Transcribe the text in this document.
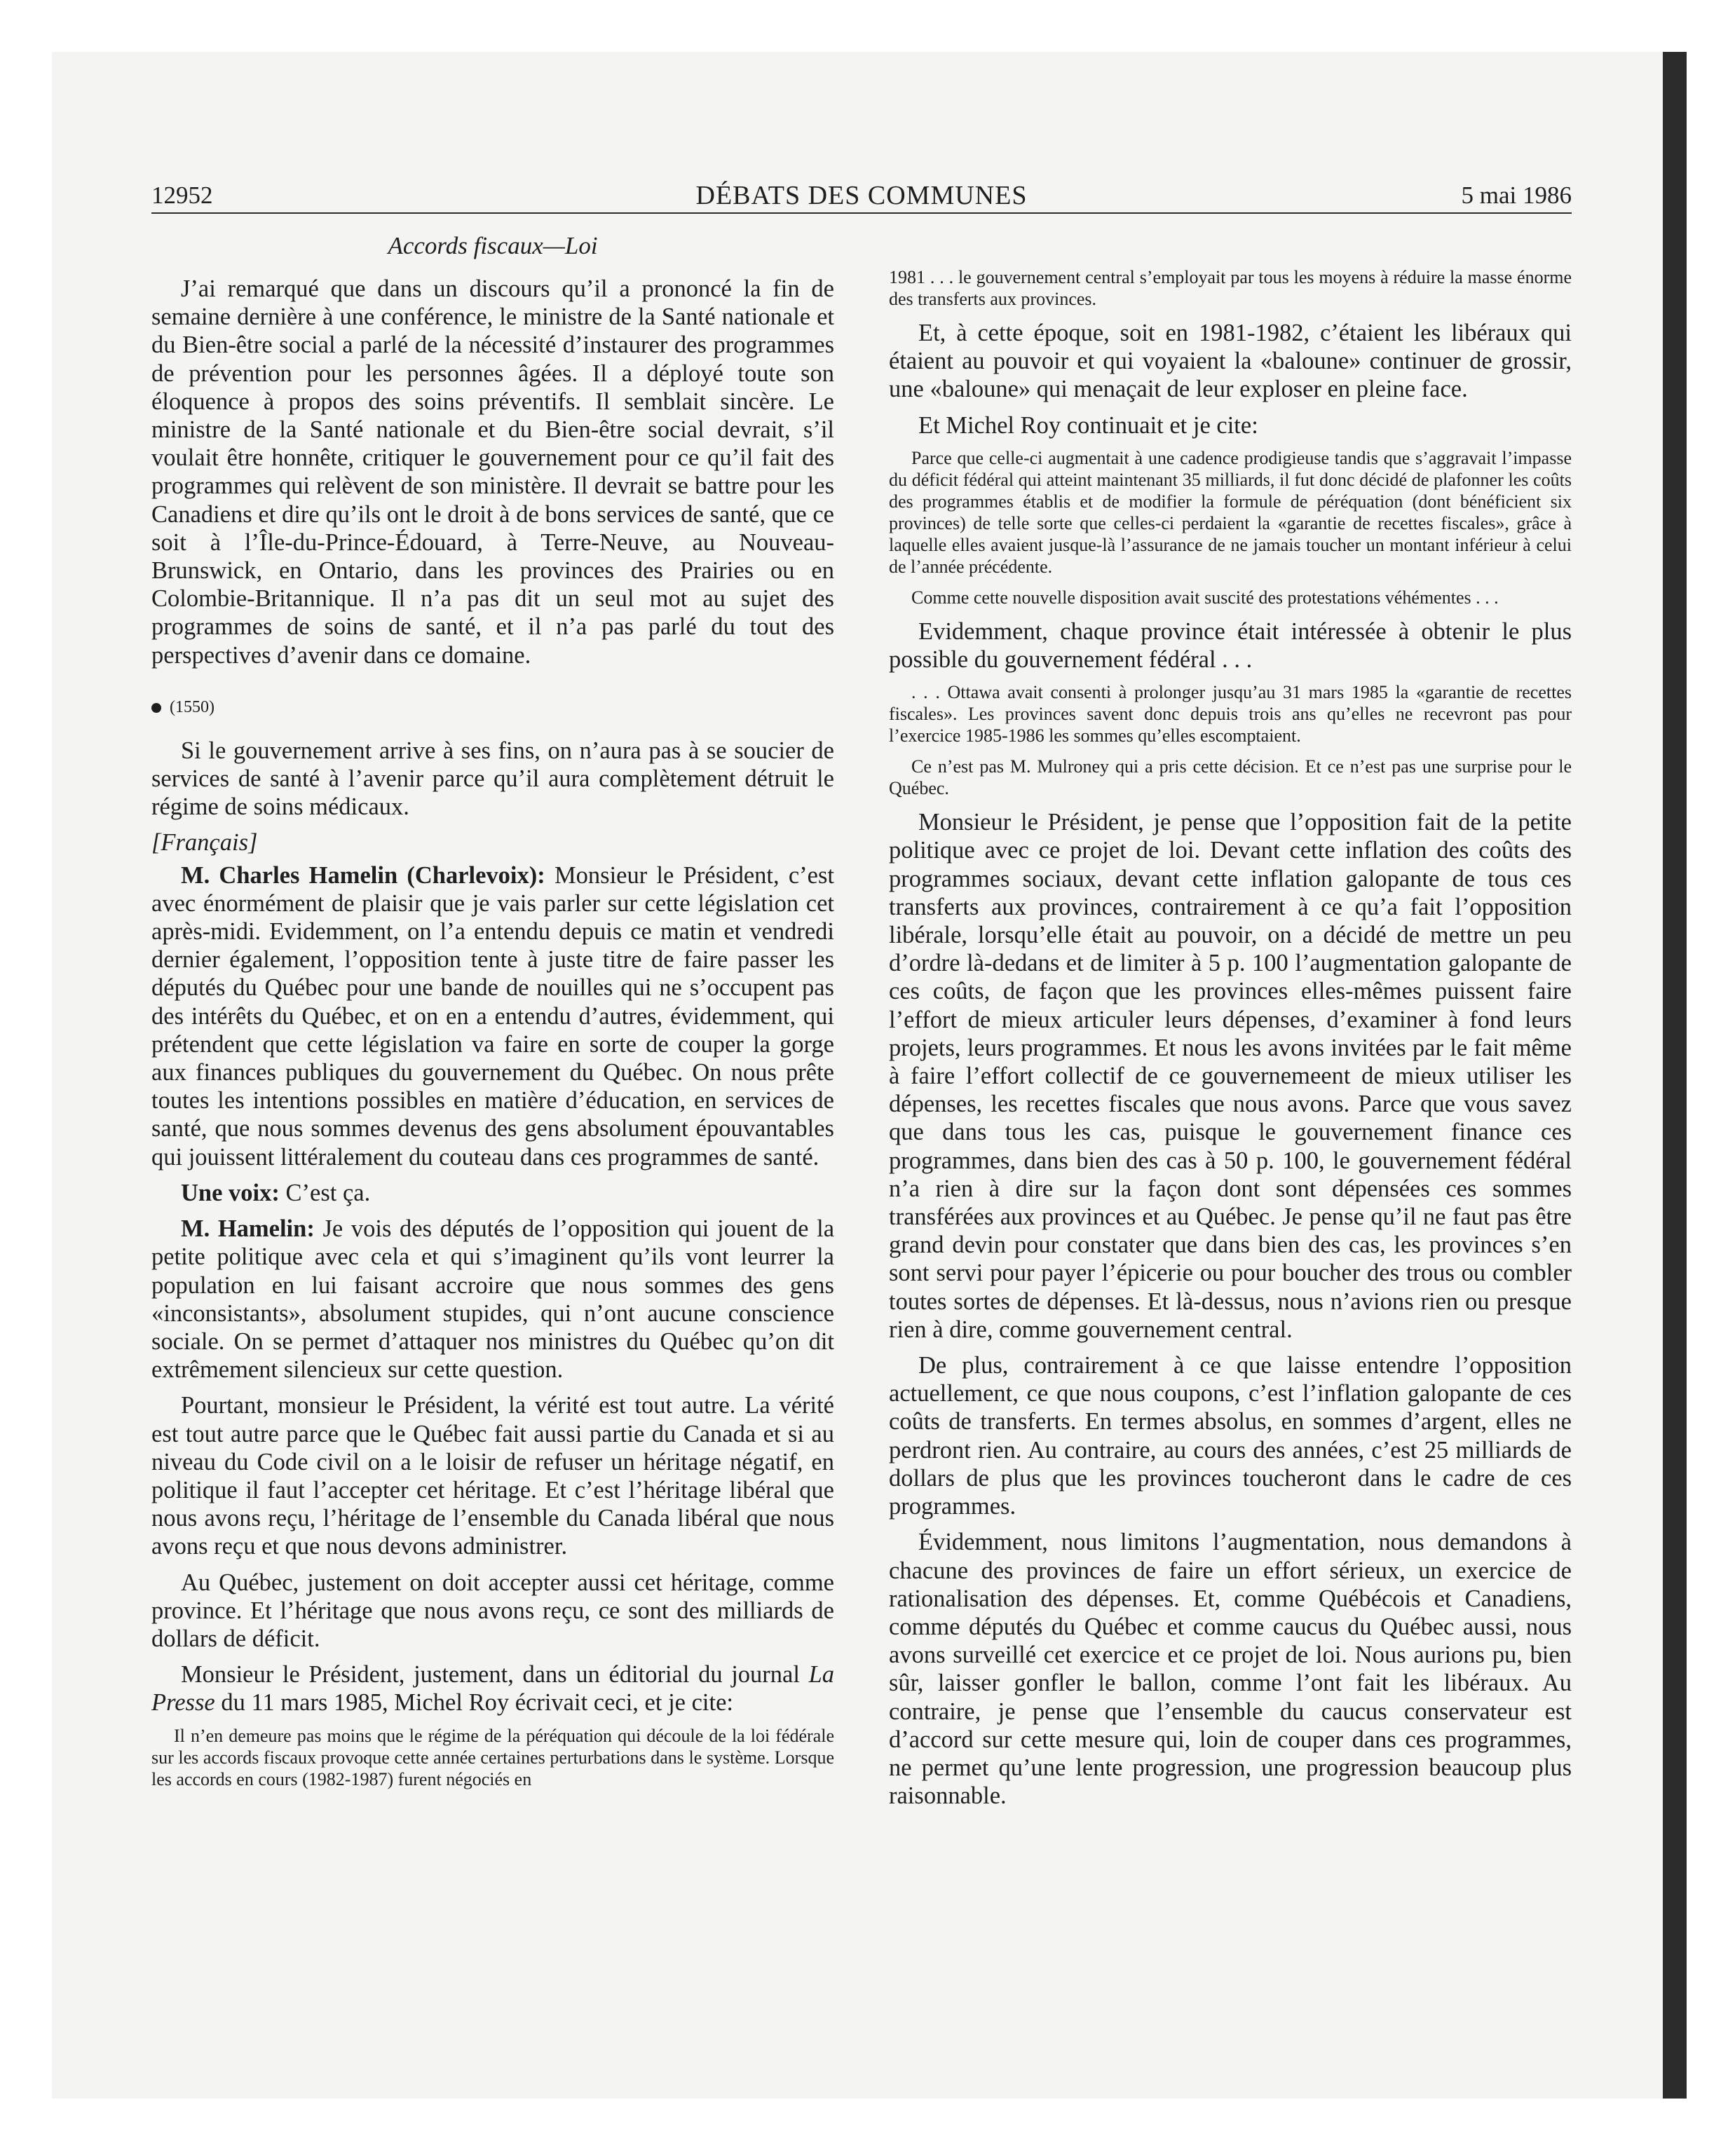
12952	DÉBATS DES COMMUNES	5 mai 1986
Accords fiscaux—Loi

J’ai remarqué que dans un discours qu’il a prononcé la fin de semaine dernière à une conférence, le ministre de la Santé nationale et du Bien-être social a parlé de la nécessité d’instaurer des programmes de prévention pour les personnes âgées. Il a déployé toute son éloquence à propos des soins préventifs. Il semblait sincère. Le ministre de la Santé nationale et du Bien-être social devrait, s’il voulait être honnête, critiquer le gouvernement pour ce qu’il fait des programmes qui relèvent de son ministère. Il devrait se battre pour les Canadiens et dire qu’ils ont le droit à de bons services de santé, que ce soit à l’Île-du-Prince-Édouard, à Terre-Neuve, au Nouveau-Brunswick, en Ontario, dans les provinces des Prairies ou en Colombie-Britannique. Il n’a pas dit un seul mot au sujet des programmes de soins de santé, et il n’a pas parlé du tout des perspectives d’avenir dans ce domaine.

(1550)

Si le gouvernement arrive à ses fins, on n’aura pas à se soucier de services de santé à l’avenir parce qu’il aura complètement détruit le régime de soins médicaux.

[Français]

M. Charles Hamelin (Charlevoix): Monsieur le Président, c’est avec énormément de plaisir que je vais parler sur cette législation cet après-midi. Evidemment, on l’a entendu depuis ce matin et vendredi dernier également, l’opposition tente à juste titre de faire passer les députés du Québec pour une bande de nouilles qui ne s’occupent pas des intérêts du Québec, et on en a entendu d’autres, évidemment, qui prétendent que cette législation va faire en sorte de couper la gorge aux finances publiques du gouvernement du Québec. On nous prête toutes les intentions possibles en matière d’éducation, en services de santé, que nous sommes devenus des gens absolument épouvantables qui jouissent littéralement du couteau dans ces programmes de santé.

Une voix: C’est ça.

M. Hamelin: Je vois des députés de l’opposition qui jouent de la petite politique avec cela et qui s’imaginent qu’ils vont leurrer la population en lui faisant accroire que nous sommes des gens «inconsistants», absolument stupides, qui n’ont aucune conscience sociale. On se permet d’attaquer nos ministres du Québec qu’on dit extrêmement silencieux sur cette question.

Pourtant, monsieur le Président, la vérité est tout autre. La vérité est tout autre parce que le Québec fait aussi partie du Canada et si au niveau du Code civil on a le loisir de refuser un héritage négatif, en politique il faut l’accepter cet héritage. Et c’est l’héritage libéral que nous avons reçu, l’héritage de l’ensemble du Canada libéral que nous avons reçu et que nous devons administrer.

Au Québec, justement on doit accepter aussi cet héritage, comme province. Et l’héritage que nous avons reçu, ce sont des milliards de dollars de déficit.

Monsieur le Président, justement, dans un éditorial du journal La Presse du 11 mars 1985, Michel Roy écrivait ceci, et je cite:

Il n’en demeure pas moins que le régime de la péréquation qui découle de la loi fédérale sur les accords fiscaux provoque cette année certaines perturbations dans le système. Lorsque les accords en cours (1982-1987) furent négociés en

1981 . . . le gouvernement central s’employait par tous les moyens à réduire la masse énorme des transferts aux provinces.

Et, à cette époque, soit en 1981-1982, c’étaient les libéraux qui étaient au pouvoir et qui voyaient la «baloune» continuer de grossir, une «baloune» qui menaçait de leur exploser en pleine face.

Et Michel Roy continuait et je cite:

Parce que celle-ci augmentait à une cadence prodigieuse tandis que s’aggravait l’impasse du déficit fédéral qui atteint maintenant 35 milliards, il fut donc décidé de plafonner les coûts des programmes établis et de modifier la formule de péréquation (dont bénéficient six provinces) de telle sorte que celles-ci perdaient la «garantie de recettes fiscales», grâce à laquelle elles avaient jusque-là l’assurance de ne jamais toucher un montant inférieur à celui de l’année précédente.

Comme cette nouvelle disposition avait suscité des protestations véhémentes . . .

Evidemment, chaque province était intéressée à obtenir le plus possible du gouvernement fédéral . . .

. . . Ottawa avait consenti à prolonger jusqu’au 31 mars 1985 la «garantie de recettes fiscales». Les provinces savent donc depuis trois ans qu’elles ne recevront pas pour l’exercice 1985-1986 les sommes qu’elles escomptaient.

Ce n’est pas M. Mulroney qui a pris cette décision. Et ce n’est pas une surprise pour le Québec.

Monsieur le Président, je pense que l’opposition fait de la petite politique avec ce projet de loi. Devant cette inflation des coûts des programmes sociaux, devant cette inflation galopante de tous ces transferts aux provinces, contrairement à ce qu’a fait l’opposition libérale, lorsqu’elle était au pouvoir, on a décidé de mettre un peu d’ordre là-dedans et de limiter à 5 p. 100 l’augmentation galopante de ces coûts, de façon que les provinces elles-mêmes puissent faire l’effort de mieux articuler leurs dépenses, d’examiner à fond leurs projets, leurs programmes. Et nous les avons invitées par le fait même à faire l’effort collectif de ce gouvernemeent de mieux utiliser les dépenses, les recettes fiscales que nous avons. Parce que vous savez que dans tous les cas, puisque le gouvernement finance ces programmes, dans bien des cas à 50 p. 100, le gouvernement fédéral n’a rien à dire sur la façon dont sont dépensées ces sommes transférées aux provinces et au Québec. Je pense qu’il ne faut pas être grand devin pour constater que dans bien des cas, les provinces s’en sont servi pour payer l’épicerie ou pour boucher des trous ou combler toutes sortes de dépenses. Et là-dessus, nous n’avions rien ou presque rien à dire, comme gouvernement central.

De plus, contrairement à ce que laisse entendre l’opposition actuellement, ce que nous coupons, c’est l’inflation galopante de ces coûts de transferts. En termes absolus, en sommes d’argent, elles ne perdront rien. Au contraire, au cours des années, c’est 25 milliards de dollars de plus que les provinces toucheront dans le cadre de ces programmes.

Évidemment, nous limitons l’augmentation, nous demandons à chacune des provinces de faire un effort sérieux, un exercice de rationalisation des dépenses. Et, comme Québécois et Canadiens, comme députés du Québec et comme caucus du Québec aussi, nous avons surveillé cet exercice et ce projet de loi. Nous aurions pu, bien sûr, laisser gonfler le ballon, comme l’ont fait les libéraux. Au contraire, je pense que l’ensemble du caucus conservateur est d’accord sur cette mesure qui, loin de couper dans ces programmes, ne permet qu’une lente progression, une progression beaucoup plus raisonnable.
